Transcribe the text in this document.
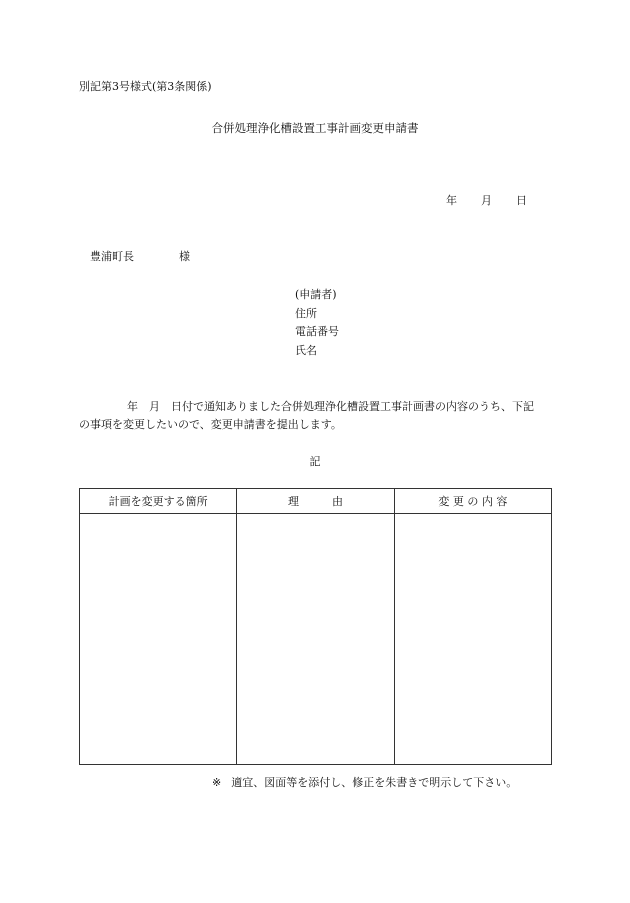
別記第3号様式(第3条関係)
合併処理浄化槽設置工事計画変更申請書
年 月 日
豊浦町長	様
(申請者)
住所
電話番号
氏名
年　月　日付で通知ありました合併処理浄化槽設置工事計画書の内容のうち、下記
の事項を変更したいので、変更申請書を提出します。
記
計画を変更する箇所	理　　　由	変 更 の 内 容

※ 適宜、図面等を添付し、修正を朱書きで明示して下さい。
